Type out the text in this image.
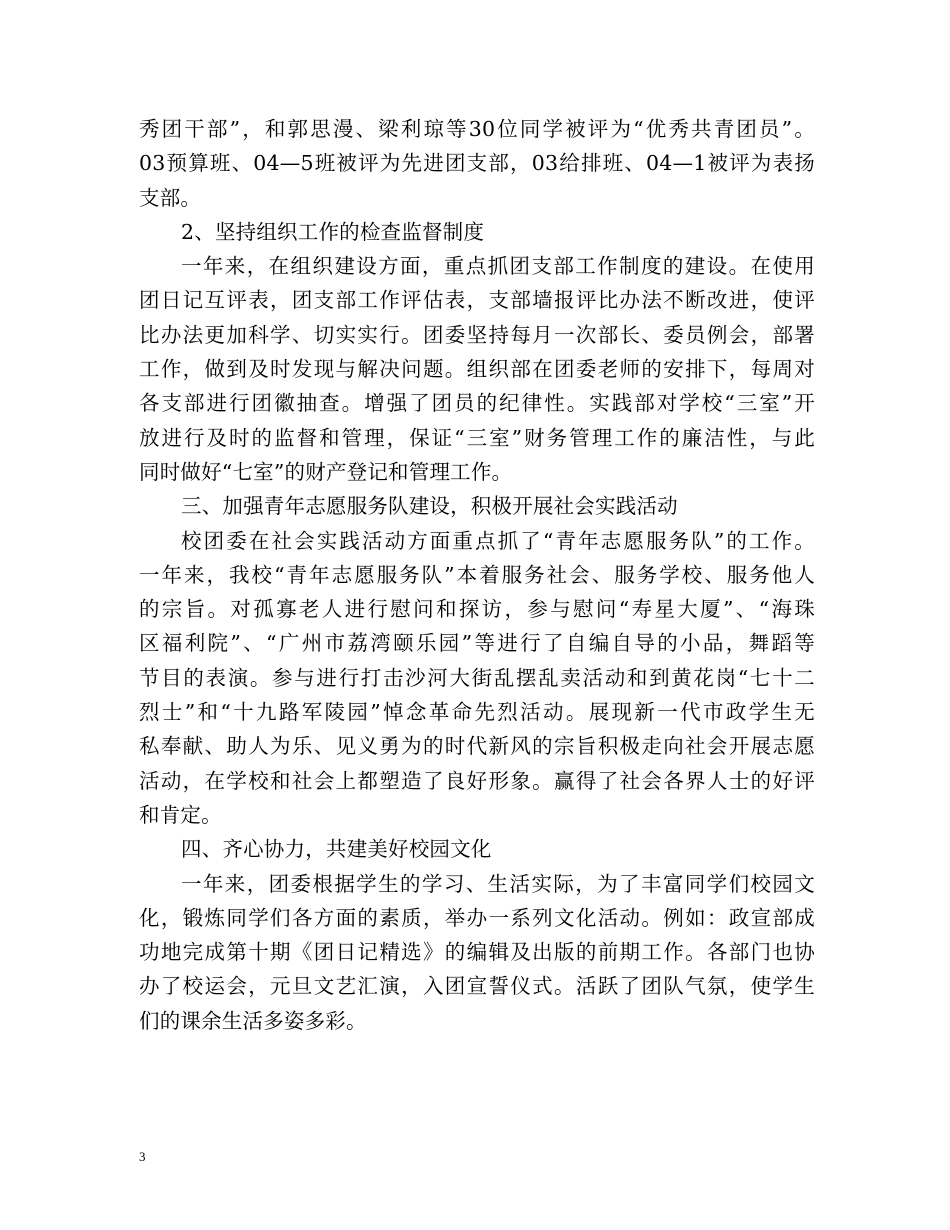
秀团干部”，和郭思漫、梁利琼等30位同学被评为“优秀共青团员”。
03预算班、04—5班被评为先进团支部，03给排班、04—1被评为表扬
支部。
2、坚持组织工作的检查监督制度
一年来，在组织建设方面，重点抓团支部工作制度的建设。在使用
团日记互评表，团支部工作评估表，支部墙报评比办法不断改进，使评
比办法更加科学、切实实行。团委坚持每月一次部长、委员例会，部署
工作，做到及时发现与解决问题。组织部在团委老师的安排下，每周对
各支部进行团徽抽查。增强了团员的纪律性。实践部对学校“三室”开
放进行及时的监督和管理，保证“三室”财务管理工作的廉洁性，与此
同时做好“七室”的财产登记和管理工作。
三、加强青年志愿服务队建设，积极开展社会实践活动
校团委在社会实践活动方面重点抓了“青年志愿服务队”的工作。
一年来，我校“青年志愿服务队”本着服务社会、服务学校、服务他人
的宗旨。对孤寡老人进行慰问和探访，参与慰问“寿星大厦”、“海珠
区福利院”、“广州市荔湾颐乐园”等进行了自编自导的小品，舞蹈等
节目的表演。参与进行打击沙河大街乱摆乱卖活动和到黄花岗“七十二
烈士”和“十九路军陵园”悼念革命先烈活动。展现新一代市政学生无
私奉献、助人为乐、见义勇为的时代新风的宗旨积极走向社会开展志愿
活动，在学校和社会上都塑造了良好形象。赢得了社会各界人士的好评
和肯定。
四、齐心协力，共建美好校园文化
一年来，团委根据学生的学习、生活实际，为了丰富同学们校园文
化，锻炼同学们各方面的素质，举办一系列文化活动。例如：政宣部成
功地完成第十期《团日记精选》的编辑及出版的前期工作。各部门也协
办了校运会，元旦文艺汇演，入团宣誓仪式。活跃了团队气氛，使学生
们的课余生活多姿多彩。
3
